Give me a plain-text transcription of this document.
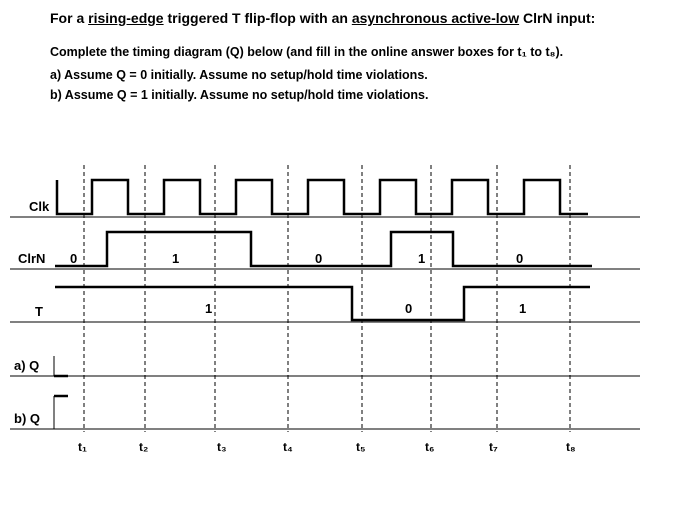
For a rising-edge triggered T flip-flop with an asynchronous active-low ClrN input:
Complete the timing diagram (Q) below (and fill in the online answer boxes for t₁ to t₈).
a) Assume Q = 0 initially. Assume no setup/hold time violations.
b) Assume Q = 1 initially. Assume no setup/hold time violations.
Clk
ClrN
T
a) Q
b) Q
0	1	0	1	0
1	0	1
t₁	t₂	t₃	t₄	t₅	t₆	t₇	t₈
